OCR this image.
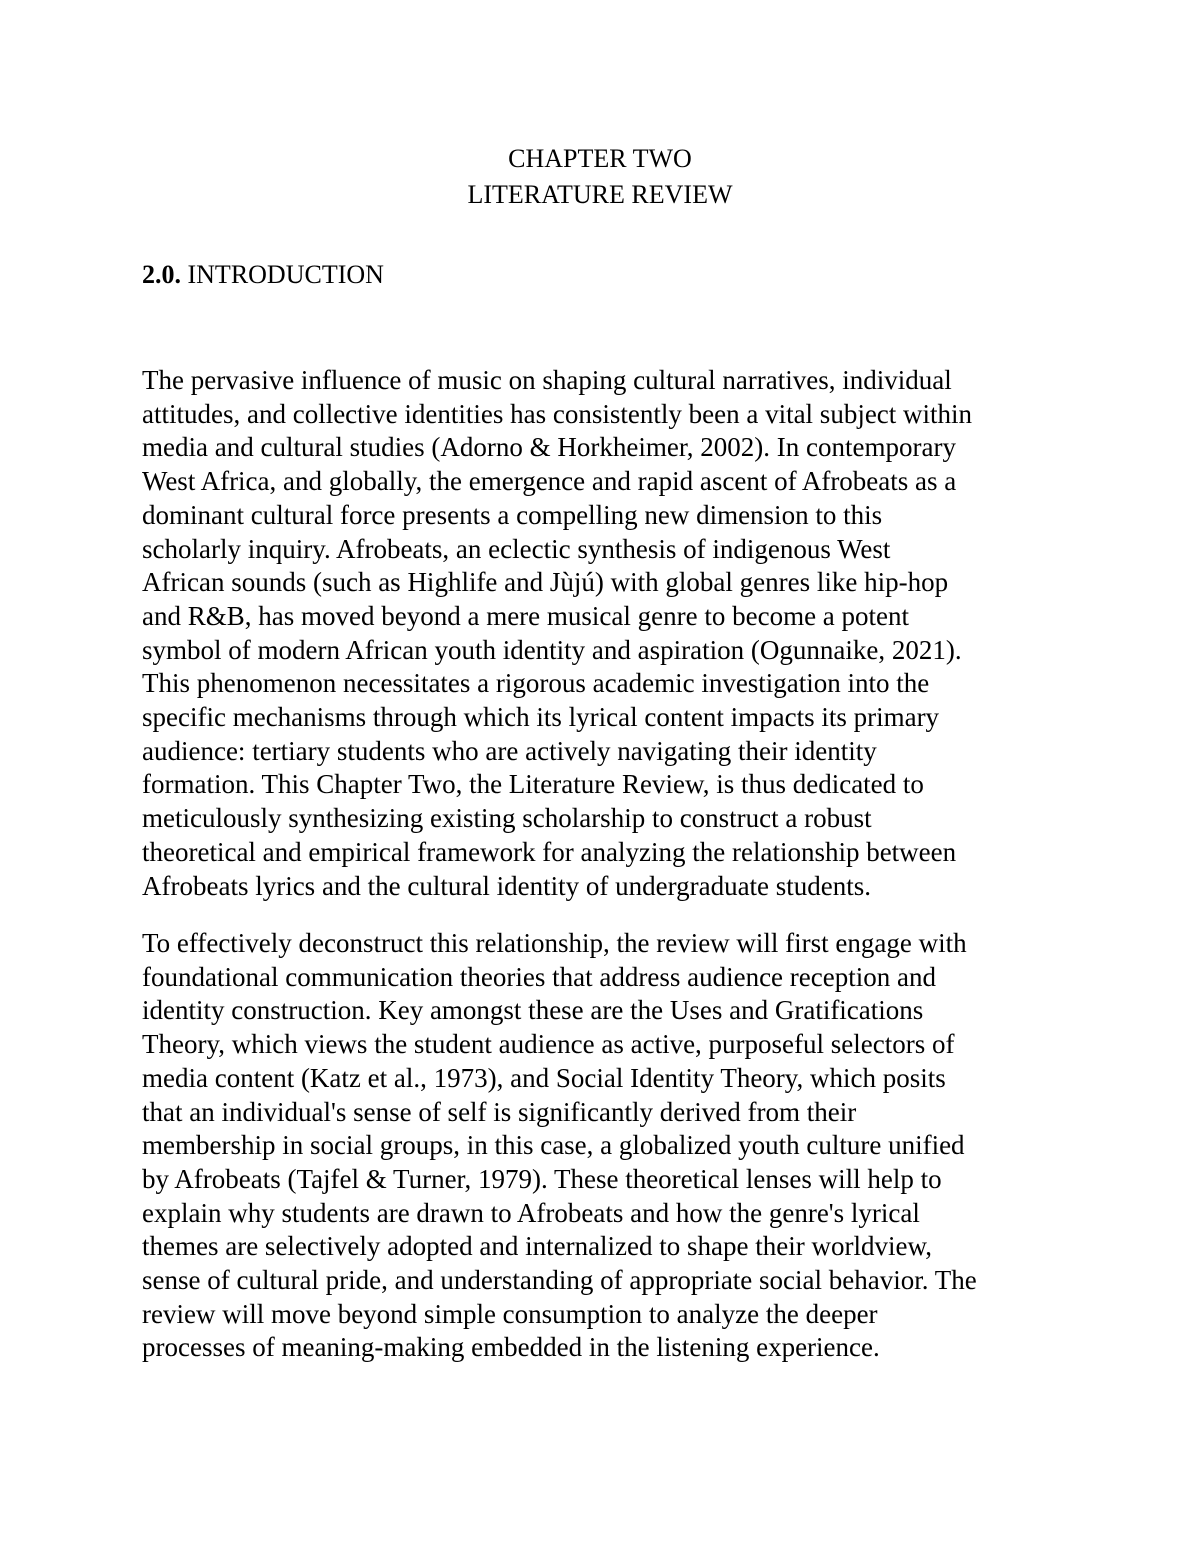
CHAPTER TWO
LITERATURE REVIEW
2.0. INTRODUCTION
The pervasive influence of music on shaping cultural narratives, individual
attitudes, and collective identities has consistently been a vital subject within
media and cultural studies (Adorno & Horkheimer, 2002). In contemporary
West Africa, and globally, the emergence and rapid ascent of Afrobeats as a
dominant cultural force presents a compelling new dimension to this
scholarly inquiry. Afrobeats, an eclectic synthesis of indigenous West
African sounds (such as Highlife and Jùjú) with global genres like hip-hop
and R&B, has moved beyond a mere musical genre to become a potent
symbol of modern African youth identity and aspiration (Ogunnaike, 2021).
This phenomenon necessitates a rigorous academic investigation into the
specific mechanisms through which its lyrical content impacts its primary
audience: tertiary students who are actively navigating their identity
formation. This Chapter Two, the Literature Review, is thus dedicated to
meticulously synthesizing existing scholarship to construct a robust
theoretical and empirical framework for analyzing the relationship between
Afrobeats lyrics and the cultural identity of undergraduate students.
To effectively deconstruct this relationship, the review will first engage with
foundational communication theories that address audience reception and
identity construction. Key amongst these are the Uses and Gratifications
Theory, which views the student audience as active, purposeful selectors of
media content (Katz et al., 1973), and Social Identity Theory, which posits
that an individual's sense of self is significantly derived from their
membership in social groups, in this case, a globalized youth culture unified
by Afrobeats (Tajfel & Turner, 1979). These theoretical lenses will help to
explain why students are drawn to Afrobeats and how the genre's lyrical
themes are selectively adopted and internalized to shape their worldview,
sense of cultural pride, and understanding of appropriate social behavior. The
review will move beyond simple consumption to analyze the deeper
processes of meaning-making embedded in the listening experience.
